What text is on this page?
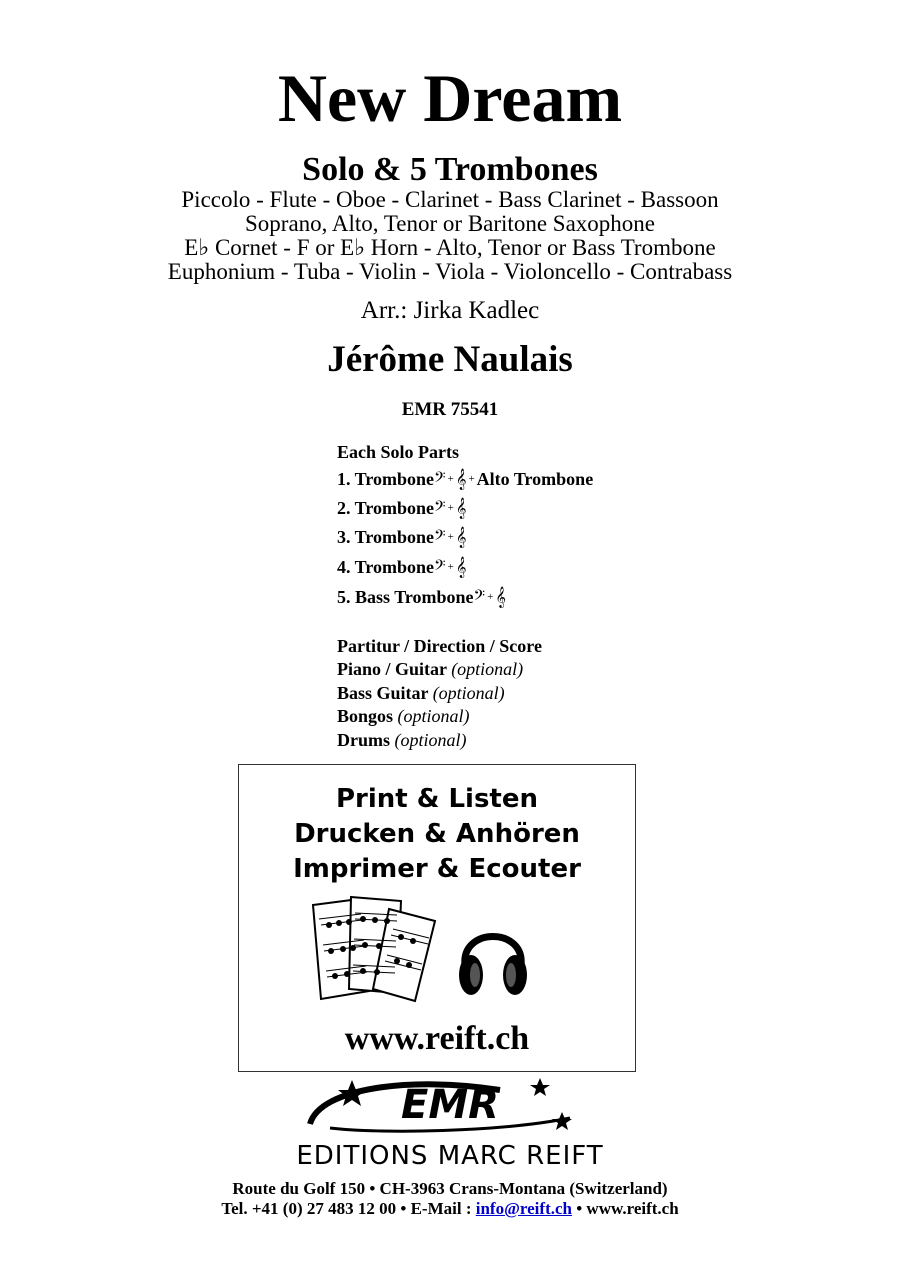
New Dream
Solo & 5 Trombones
Piccolo - Flute - Oboe - Clarinet - Bass Clarinet - Bassoon
Soprano, Alto, Tenor or Baritone Saxophone
E♭ Cornet - F or E♭ Horn - Alto, Tenor or Bass Trombone
Euphonium - Tuba - Violin - Viola - Violoncello - Contrabass
Arr.: Jirka Kadlec
Jérôme Naulais
EMR 75541
Each Solo Parts
1. Trombone𝄢 + 𝄞 + Alto Trombone
2. Trombone𝄢 + 𝄞
3. Trombone𝄢 + 𝄞
4. Trombone𝄢 + 𝄞
5. Bass Trombone𝄢 + 𝄞
Partitur / Direction / Score
Piano / Guitar (optional)
Bass Guitar (optional)
Bongos (optional)
Drums (optional)
Print & Listen
Drucken & Anhören
Imprimer & Ecouter
www.reift.ch
EMR
EDITIONS MARC REIFT
Route du Golf 150 • CH-3963 Crans-Montana (Switzerland)
Tel. +41 (0) 27 483 12 00 • E-Mail : info@reift.ch • www.reift.ch
